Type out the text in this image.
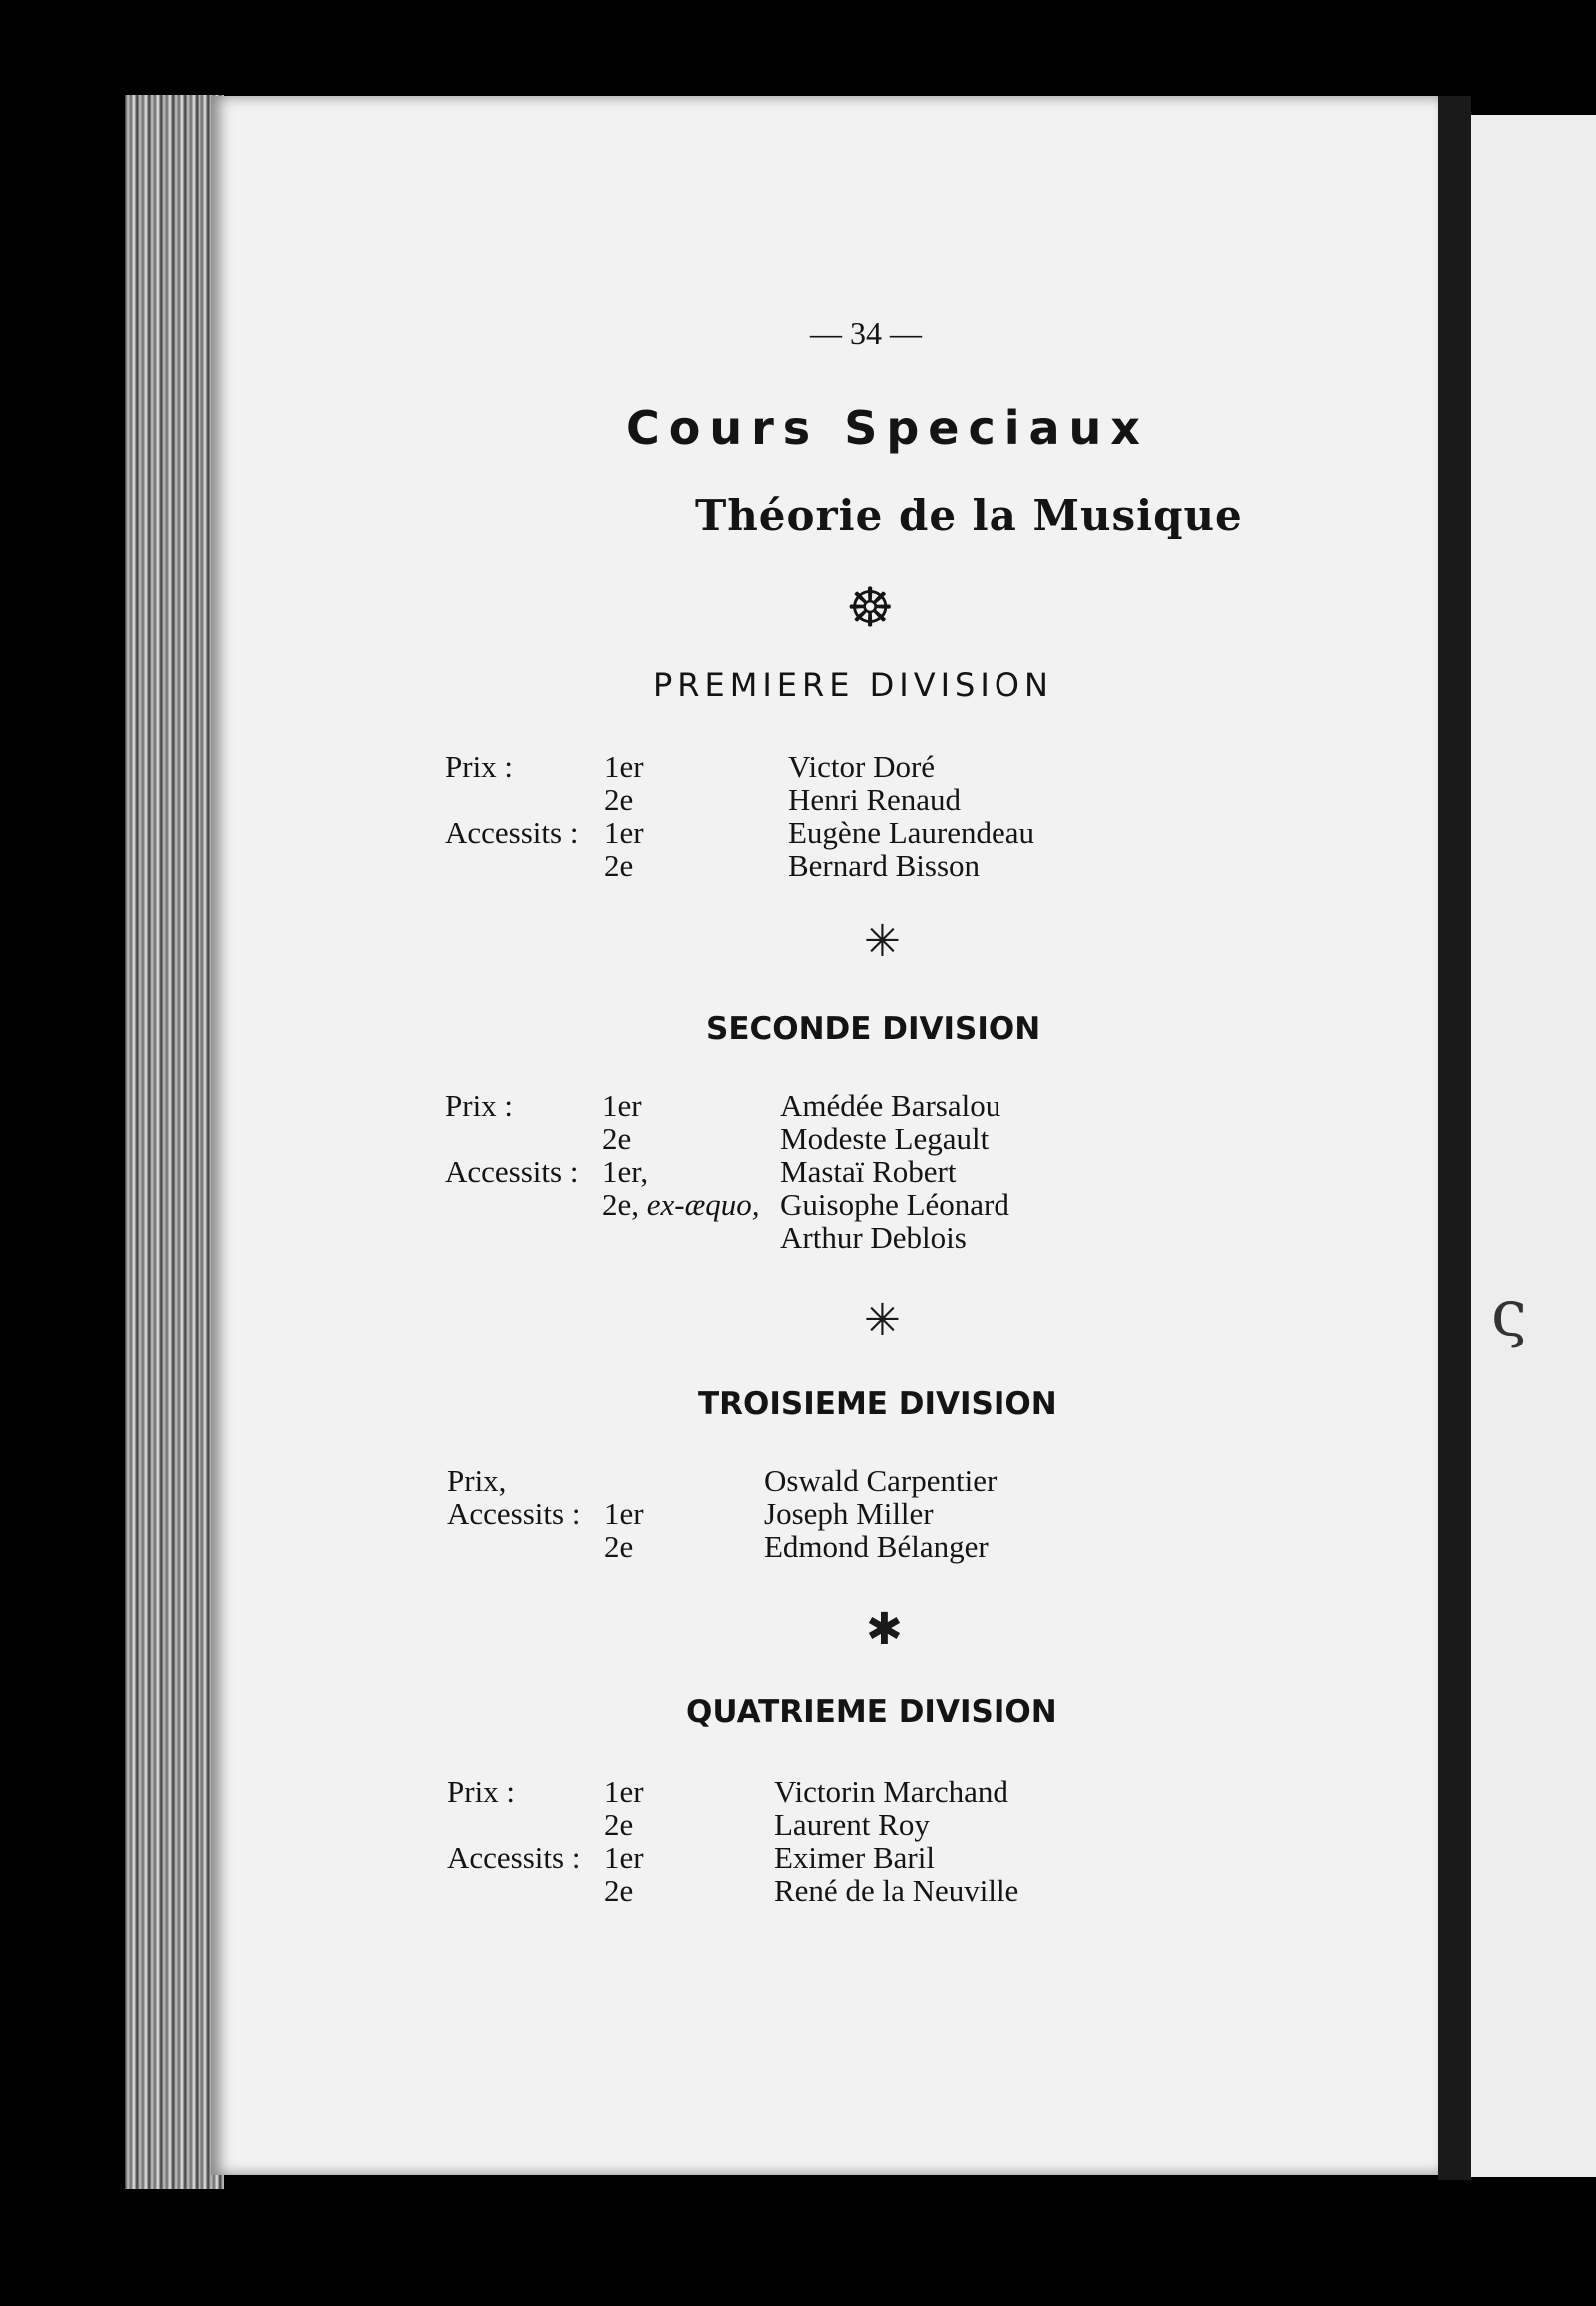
ς
— 34 —
Cours Speciaux
Théorie de la Musique
☸
PREMIERE DIVISION
Prix :
Accessits :
1er
2e
1er
2e
Victor Doré
Henri Renaud
Eugène Laurendeau
Bernard Bisson
✳
SECONDE DIVISION
Prix :
Accessits :
1er
2e
1er,
2e, ex-æquo,
Amédée Barsalou
Modeste Legault
Mastaï Robert
Guisophe Léonard
Arthur Deblois
✳
TROISIEME DIVISION
Prix,
Accessits : 1er
2e
Oswald Carpentier
Joseph Miller
Edmond Bélanger
✱
QUATRIEME DIVISION
Prix :
Accessits :
1er
2e
1er
2e
Victorin Marchand
Laurent Roy
Eximer Baril
René de la Neuville
